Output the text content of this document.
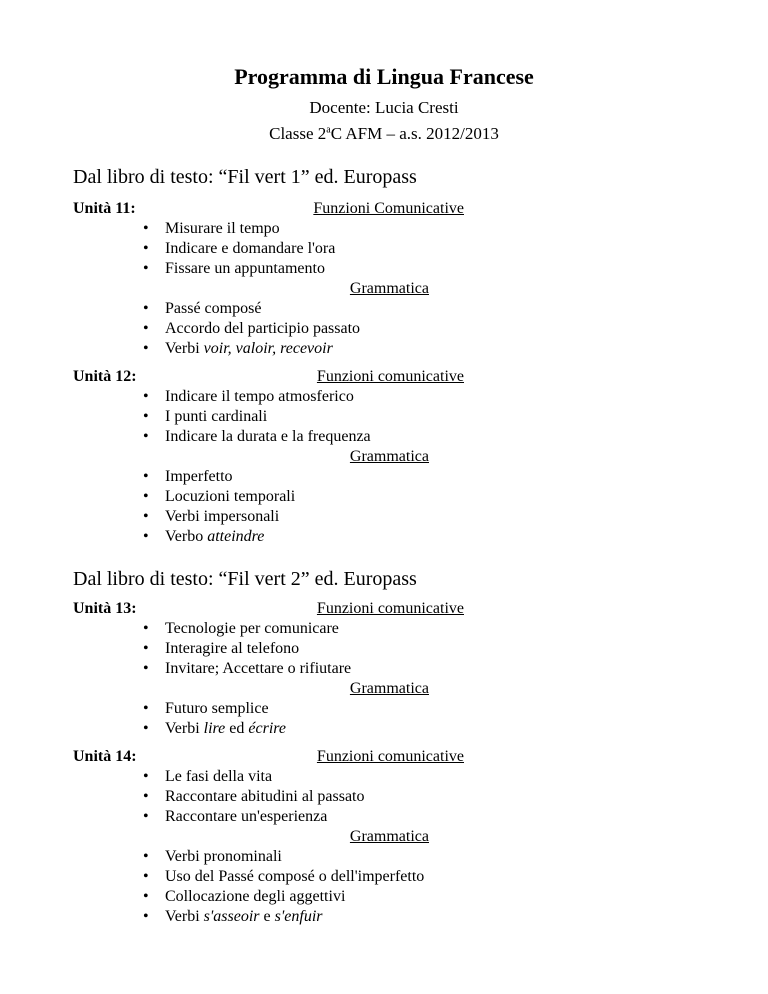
Programma di Lingua Francese
Docente: Lucia Cresti
Classe 2$^a$C AFM – a.s. 2012/2013
Dal libro di testo: “Fil vert 1” ed. Europass
Unità 11:	Funzioni Comunicative
• Misurare il tempo
• Indicare e domandare l'ora
• Fissare un appuntamento
Grammatica
• Passé composé
• Accordo del participio passato
• Verbi voir, valoir, recevoir
Unità 12:	Funzioni comunicative
• Indicare il tempo atmosferico
• I punti cardinali
• Indicare la durata e la frequenza
Grammatica
• Imperfetto
• Locuzioni temporali
• Verbi impersonali
• Verbo atteindre
Dal libro di testo: “Fil vert 2” ed. Europass
Unità 13:	Funzioni comunicative
• Tecnologie per comunicare
• Interagire al telefono
• Invitare; Accettare o rifiutare
Grammatica
• Futuro semplice
• Verbi lire ed écrire
Unità 14:	Funzioni comunicative
• Le fasi della vita
• Raccontare abitudini al passato
• Raccontare un'esperienza
Grammatica
• Verbi pronominali
• Uso del Passé composé o dell'imperfetto
• Collocazione degli aggettivi
• Verbi s'asseoir e s'enfuir
